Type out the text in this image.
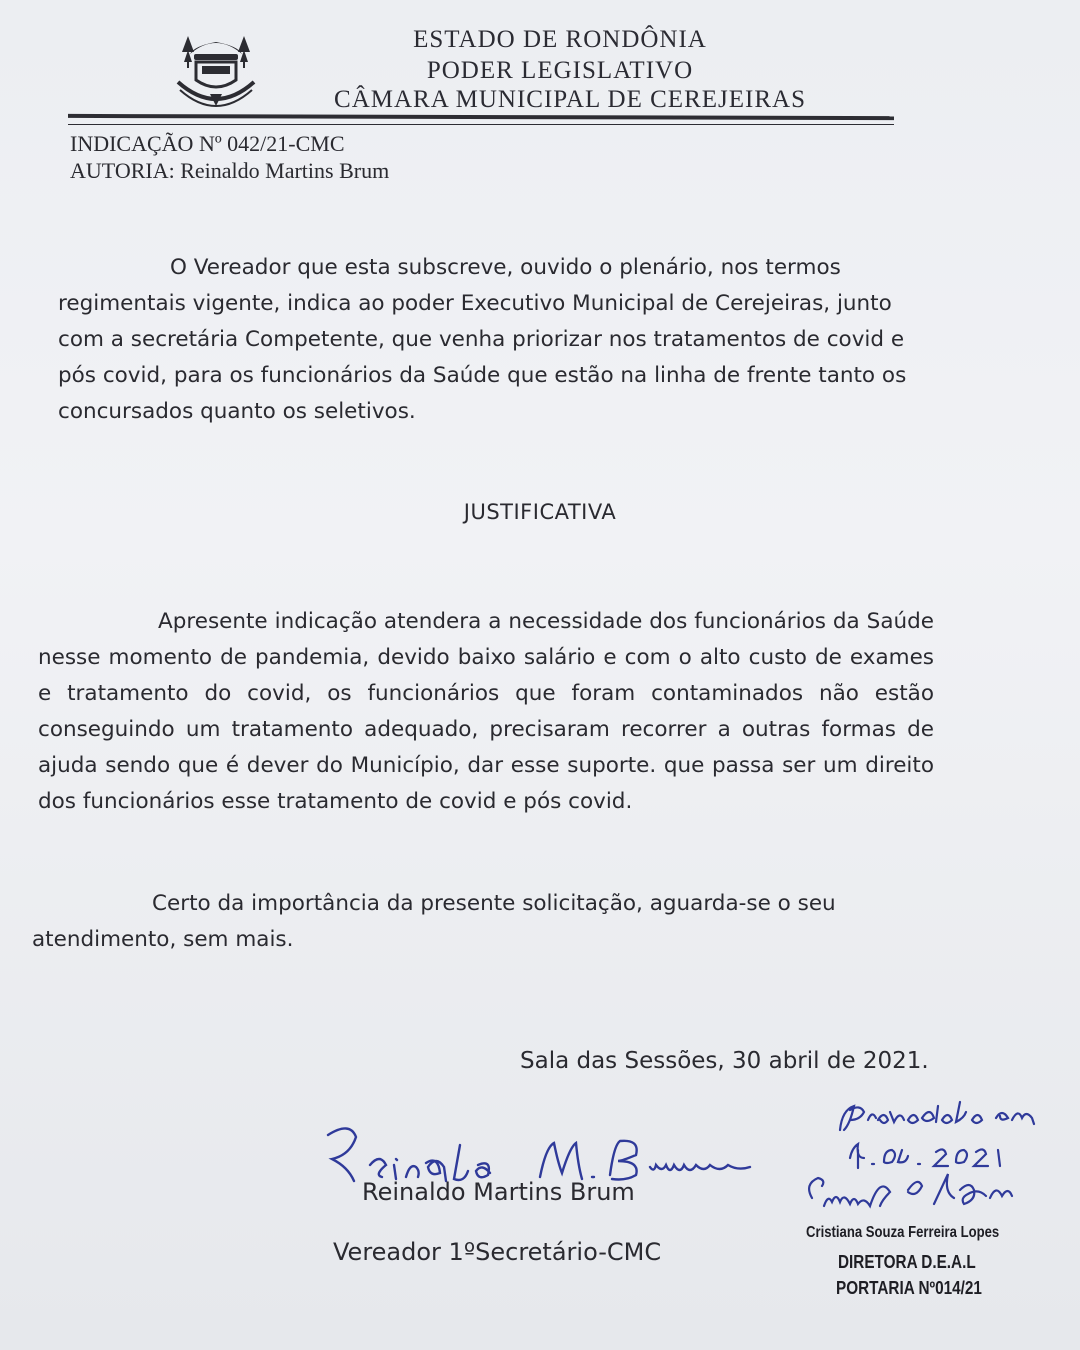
ESTADO DE RONDÔNIA
PODER LEGISLATIVO
CÂMARA MUNICIPAL DE CEREJEIRAS
INDICAÇÃO Nº 042/21-CMC
AUTORIA: Reinaldo Martins Brum

O Vereador que esta subscreve, ouvido o plenário, nos termos regimentais vigente, indica ao poder Executivo Municipal de Cerejeiras, junto com a secretária Competente, que venha priorizar nos tratamentos de covid e pós covid, para os funcionários da Saúde que estão na linha de frente tanto os concursados quanto os seletivos.

JUSTIFICATIVA

Apresente indicação atendera a necessidade dos funcionários da Saúde nesse momento de pandemia, devido baixo salário e com o alto custo de exames e tratamento do covid, os funcionários que foram contaminados não estão conseguindo um tratamento adequado, precisaram recorrer a outras formas de ajuda sendo que é dever do Município, dar esse suporte. que passa ser um direito dos funcionários esse tratamento de covid e pós covid.

Certo da importância da presente solicitação, aguarda-se o seu atendimento, sem mais.

Sala das Sessões, 30 abril de 2021.
Reinaldo Martins Brum
Vereador 1ºSecretário-CMC
Cristiana Souza Ferreira Lopes
DIRETORA D.E.A.L
PORTARIA Nº014/21
